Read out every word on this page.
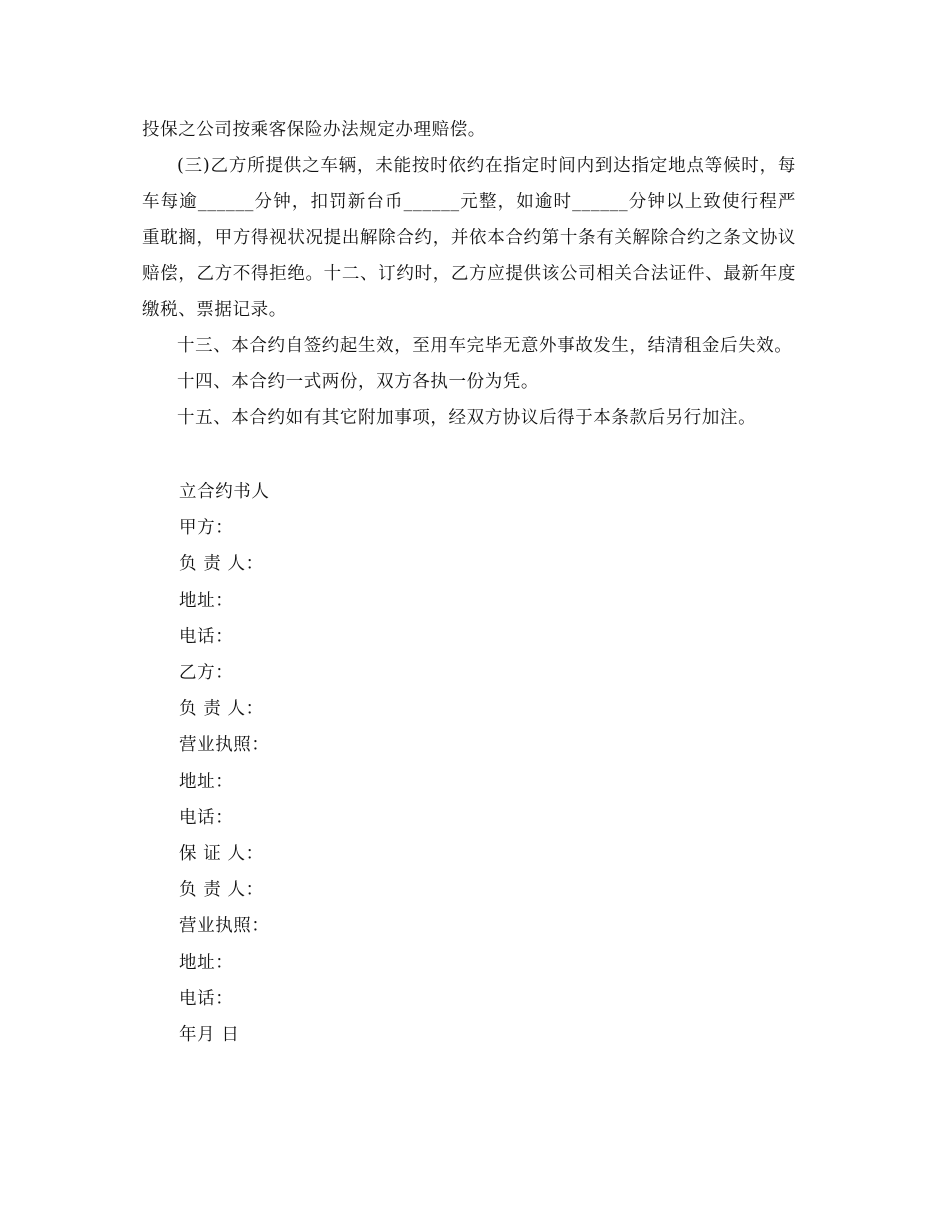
投保之公司按乘客保险办法规定办理赔偿。

(三)乙方所提供之车辆，未能按时依约在指定时间内到达指定地点等候时，每车每逾______分钟，扣罚新台币______元整，如逾时______分钟以上致使行程严重耽搁，甲方得视状况提出解除合约，并依本合约第十条有关解除合约之条文协议赔偿，乙方不得拒绝。十二、订约时，乙方应提供该公司相关合法证件、最新年度缴税、票据记录。

十三、本合约自签约起生效，至用车完毕无意外事故发生，结清租金后失效。

十四、本合约一式两份，双方各执一份为凭。

十五、本合约如有其它附加事项，经双方协议后得于本条款后另行加注。

立合约书人

甲方：

负 责 人：

地址：

电话：

乙方：

负 责 人：

营业执照：

地址：

电话：

保 证 人：

负 责 人：

营业执照：

地址：

电话：

年月 日
